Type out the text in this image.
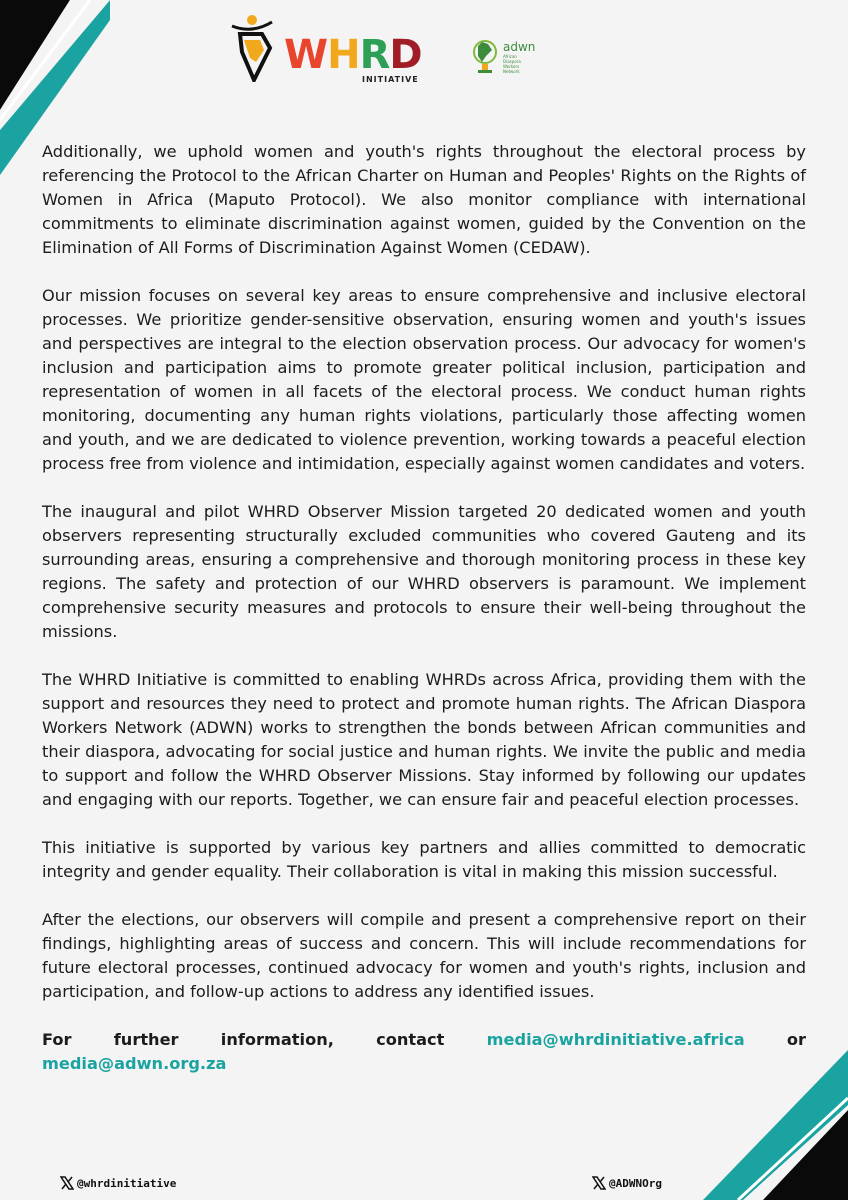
WHRD
INITIATIVE
adwn
African Diaspora Workers Network

Additionally, we uphold women and youth's rights throughout the electoral process by referencing the Protocol to the African Charter on Human and Peoples' Rights on the Rights of Women in Africa (Maputo Protocol). We also monitor compliance with international commitments to eliminate discrimination against women, guided by the Convention on the Elimination of All Forms of Discrimination Against Women (CEDAW).

Our mission focuses on several key areas to ensure comprehensive and inclusive electoral processes. We prioritize gender-sensitive observation, ensuring women and youth's issues and perspectives are integral to the election observation process. Our advocacy for women's inclusion and participation aims to promote greater political inclusion, participation and representation of women in all facets of the electoral process. We conduct human rights monitoring, documenting any human rights violations, particularly those affecting women and youth, and we are dedicated to violence prevention, working towards a peaceful election process free from violence and intimidation, especially against women candidates and voters.

The inaugural and pilot WHRD Observer Mission targeted 20 dedicated women and youth observers representing structurally excluded communities who covered Gauteng and its surrounding areas, ensuring a comprehensive and thorough monitoring process in these key regions. The safety and protection of our WHRD observers is paramount. We implement comprehensive security measures and protocols to ensure their well-being throughout the missions.

The WHRD Initiative is committed to enabling WHRDs across Africa, providing them with the support and resources they need to protect and promote human rights. The African Diaspora Workers Network (ADWN) works to strengthen the bonds between African communities and their diaspora, advocating for social justice and human rights. We invite the public and media to support and follow the WHRD Observer Missions. Stay informed by following our updates and engaging with our reports. Together, we can ensure fair and peaceful election processes.

This initiative is supported by various key partners and allies committed to democratic integrity and gender equality. Their collaboration is vital in making this mission successful.

After the elections, our observers will compile and present a comprehensive report on their findings, highlighting areas of success and concern. This will include recommendations for future electoral processes, continued advocacy for women and youth's rights, inclusion and participation, and follow-up actions to address any identified issues.

For further information, contact media@whrdinitiative.africa or media@adwn.org.za

@whrdinitiative	@ADWNOrg
